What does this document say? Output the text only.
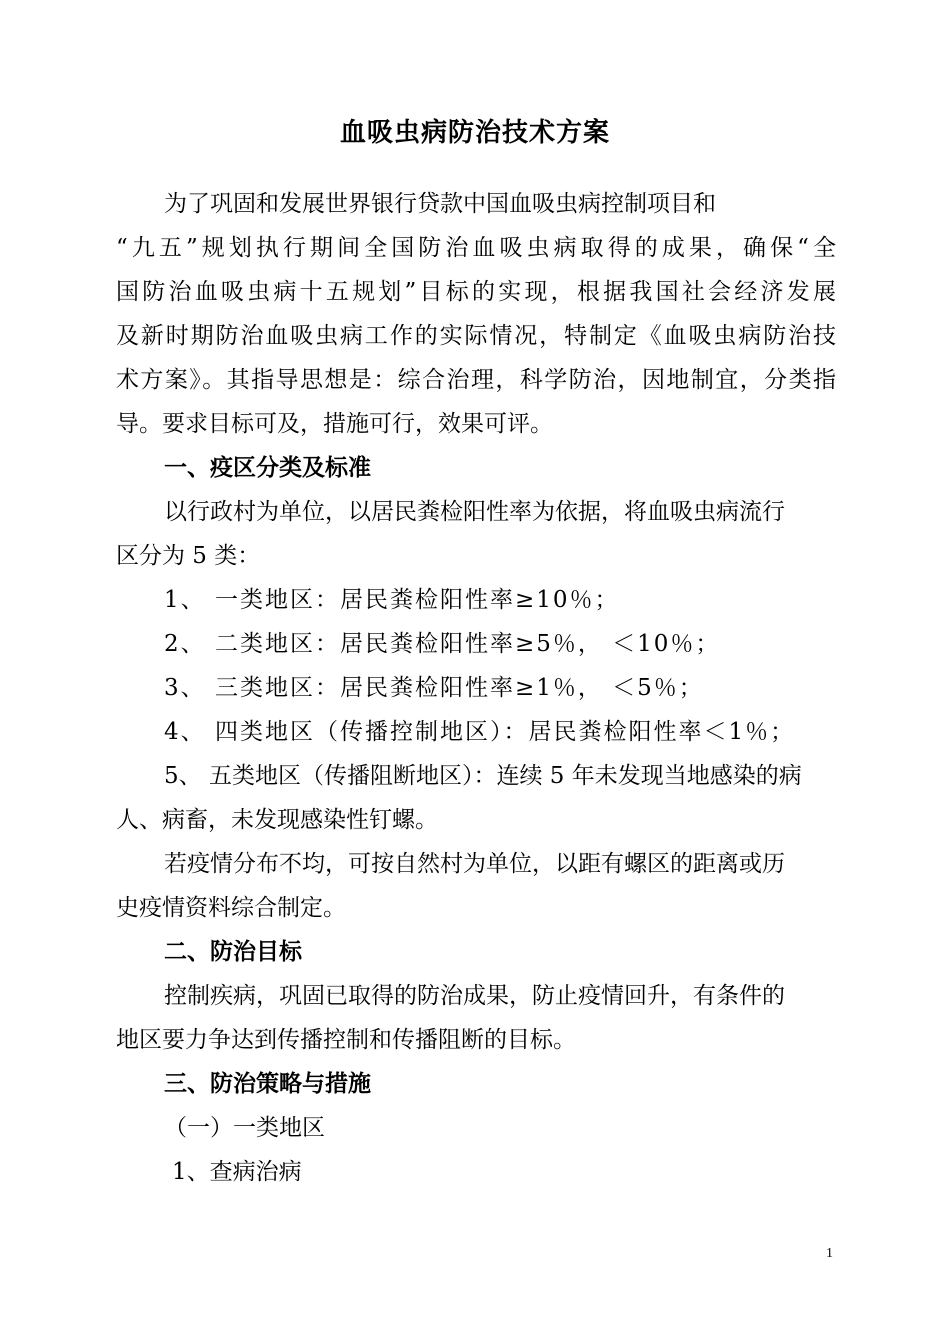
血吸虫病防治技术方案
为了巩固和发展世界银行贷款中国血吸虫病控制项目和
“九五”规划执行期间全国防治血吸虫病取得的成果，确保“全
国防治血吸虫病十五规划”目标的实现，根据我国社会经济发展
及新时期防治血吸虫病工作的实际情况，特制定《血吸虫病防治技
术方案》。其指导思想是：综合治理，科学防治，因地制宜，分类指
导。要求目标可及，措施可行，效果可评。
一、疫区分类及标准
以行政村为单位，以居民粪检阳性率为依据，将血吸虫病流行
区分为 5 类：
1、 一类地区：居民粪检阳性率≥10％；
2、 二类地区：居民粪检阳性率≥5％， ＜10％；
3、 三类地区：居民粪检阳性率≥1％， ＜5％；
4、 四类地区（传播控制地区）：居民粪检阳性率＜1％；
5、 五类地区（传播阻断地区）：连续 5 年未发现当地感染的病
人、病畜，未发现感染性钉螺。
若疫情分布不均，可按自然村为单位，以距有螺区的距离或历
史疫情资料综合制定。
二、防治目标
控制疾病，巩固已取得的防治成果，防止疫情回升，有条件的
地区要力争达到传播控制和传播阻断的目标。
三、防治策略与措施
（一）一类地区
1、查病治病
1
